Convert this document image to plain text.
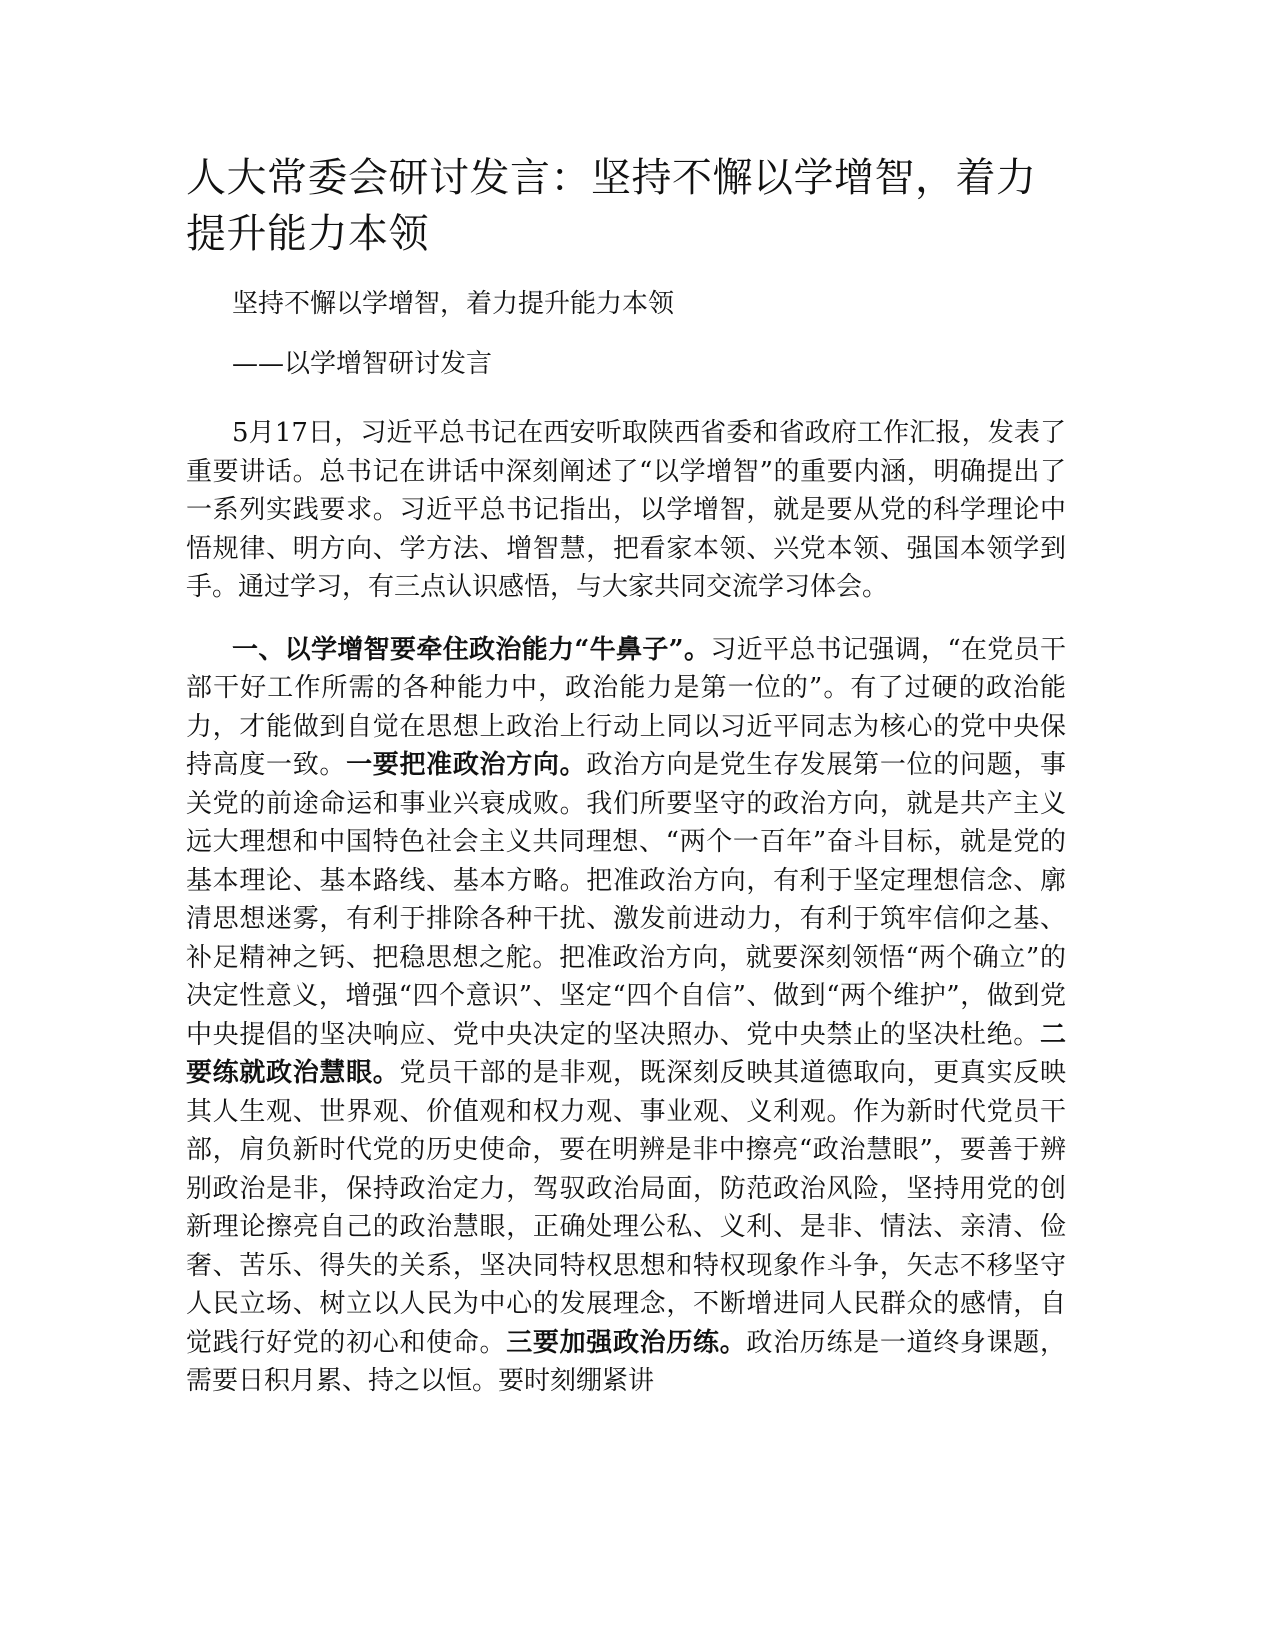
人大常委会研讨发言：坚持不懈以学增智，着力提升能力本领

坚持不懈以学增智，着力提升能力本领

——以学增智研讨发言

5月17日，习近平总书记在西安听取陕西省委和省政府工作汇报，发表了重要讲话。总书记在讲话中深刻阐述了“以学增智”的重要内涵，明确提出了一系列实践要求。习近平总书记指出，以学增智，就是要从党的科学理论中悟规律、明方向、学方法、增智慧，把看家本领、兴党本领、强国本领学到手。通过学习，有三点认识感悟，与大家共同交流学习体会。

一、以学增智要牵住政治能力“牛鼻子”。习近平总书记强调，“在党员干部干好工作所需的各种能力中，政治能力是第一位的”。有了过硬的政治能力，才能做到自觉在思想上政治上行动上同以习近平同志为核心的党中央保持高度一致。一要把准政治方向。政治方向是党生存发展第一位的问题，事关党的前途命运和事业兴衰成败。我们所要坚守的政治方向，就是共产主义远大理想和中国特色社会主义共同理想、“两个一百年”奋斗目标，就是党的基本理论、基本路线、基本方略。把准政治方向，有利于坚定理想信念、廓清思想迷雾，有利于排除各种干扰、激发前进动力，有利于筑牢信仰之基、补足精神之钙、把稳思想之舵。把准政治方向，就要深刻领悟“两个确立”的决定性意义，增强“四个意识”、坚定“四个自信”、做到“两个维护”，做到党中央提倡的坚决响应、党中央决定的坚决照办、党中央禁止的坚决杜绝。二要练就政治慧眼。党员干部的是非观，既深刻反映其道德取向，更真实反映其人生观、世界观、价值观和权力观、事业观、义利观。作为新时代党员干部，肩负新时代党的历史使命，要在明辨是非中擦亮“政治慧眼”，要善于辨别政治是非，保持政治定力，驾驭政治局面，防范政治风险，坚持用党的创新理论擦亮自己的政治慧眼，正确处理公私、义利、是非、情法、亲清、俭奢、苦乐、得失的关系，坚决同特权思想和特权现象作斗争，矢志不移坚守人民立场、树立以人民为中心的发展理念，不断增进同人民群众的感情，自觉践行好党的初心和使命。三要加强政治历练。政治历练是一道终身课题，需要日积月累、持之以恒。要时刻绷紧讲
